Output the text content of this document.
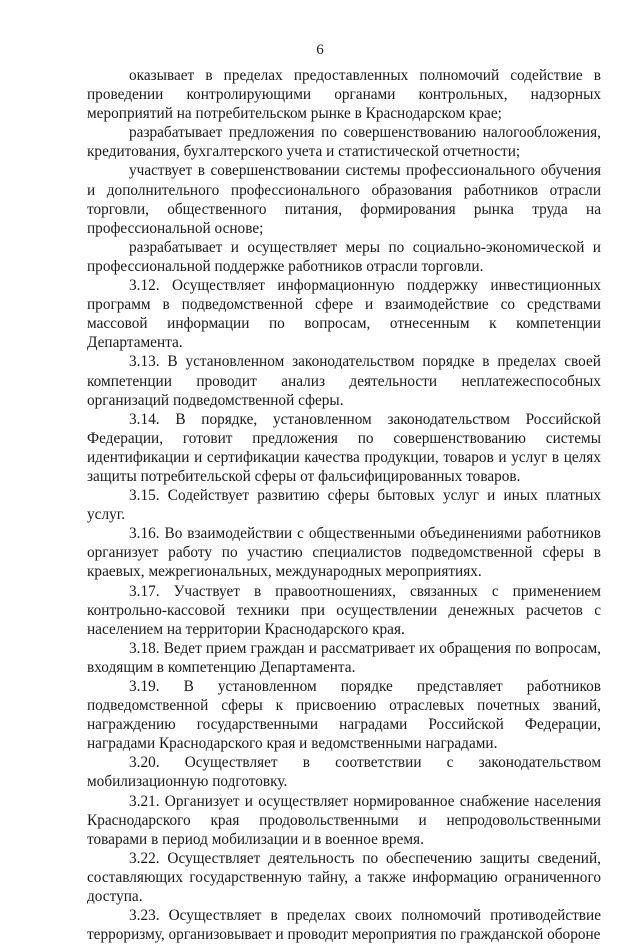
6

оказывает в пределах предоставленных полномочий содействие в проведении контролирующими органами контрольных, надзорных мероприятий на потребительском рынке в Краснодарском крае;

разрабатывает предложения по совершенствованию налогообложения, кредитования, бухгалтерского учета и статистической отчетности;

участвует в совершенствовании системы профессионального обучения и дополнительного профессионального образования работников отрасли торговли, общественного питания, формирования рынка труда на профессиональной основе;

разрабатывает и осуществляет меры по социально-экономической и профессиональной поддержке работников отрасли торговли.

3.12. Осуществляет информационную поддержку инвестиционных программ в подведомственной сфере и взаимодействие со средствами массовой информации по вопросам, отнесенным к компетенции Департамента.

3.13. В установленном законодательством порядке в пределах своей компетенции проводит анализ деятельности неплатежеспособных организаций подведомственной сферы.

3.14. В порядке, установленном законодательством Российской Федерации, готовит предложения по совершенствованию системы идентификации и сертификации качества продукции, товаров и услуг в целях защиты потребительской сферы от фальсифицированных товаров.

3.15. Содействует развитию сферы бытовых услуг и иных платных услуг.

3.16. Во взаимодействии с общественными объединениями работников организует работу по участию специалистов подведомственной сферы в краевых, межрегиональных, международных мероприятиях.

3.17. Участвует в правоотношениях, связанных с применением контрольно-кассовой техники при осуществлении денежных расчетов с населением на территории Краснодарского края.

3.18. Ведет прием граждан и рассматривает их обращения по вопросам, входящим в компетенцию Департамента.

3.19. В установленном порядке представляет работников подведомственной сферы к присвоению отраслевых почетных званий, награждению государственными наградами Российской Федерации, наградами Краснодарского края и ведомственными наградами.

3.20. Осуществляет в соответствии с законодательством мобилизационную подготовку.

3.21. Организует и осуществляет нормированное снабжение населения Краснодарского края продовольственными и непродовольственными товарами в период мобилизации и в военное время.

3.22. Осуществляет деятельность по обеспечению защиты сведений, составляющих государственную тайну, а также информацию ограниченного доступа.

3.23. Осуществляет в пределах своих полномочий противодействие терроризму, организовывает и проводит мероприятия по гражданской обороне
